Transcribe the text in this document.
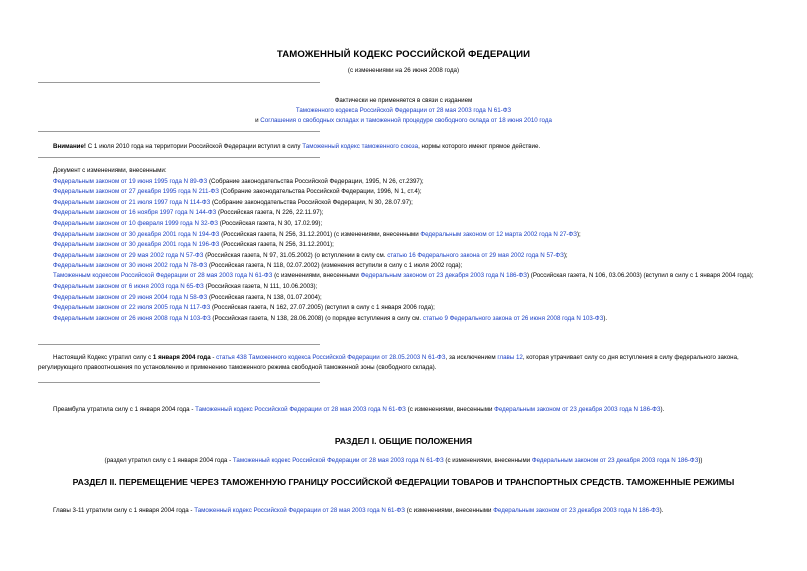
ТАМОЖЕННЫЙ КОДЕКС РОССИЙСКОЙ ФЕДЕРАЦИИ
(с изменениями на 26 июня 2008 года)
Фактически не применяется в связи с изданием
Таможенного кодекса Российской Федерации от 28 мая 2003 года N 61-ФЗ
и Соглашения о свободных складах и таможенной процедуре свободного склада от 18 июня 2010 года
Внимание! С 1 июля 2010 года на территории Российской Федерации вступил в силу Таможенный кодекс таможенного союза, нормы которого имеют прямое действие.
Документ с изменениями, внесенными:
Федеральным законом от 19 июня 1995 года N 89-ФЗ (Собрание законодательства Российской Федерации, 1995, N 26, ст.2397);
Федеральным законом от 27 декабря 1995 года N 211-ФЗ (Собрание законодательства Российской Федерации, 1996, N 1, ст.4);
Федеральным законом от 21 июля 1997 года N 114-ФЗ (Собрание законодательства Российской Федерации, N 30, 28.07.97);
Федеральным законом от 16 ноября 1997 года N 144-ФЗ (Российская газета, N 226, 22.11.97);
Федеральным законом от 10 февраля 1999 года N 32-ФЗ (Российская газета, N 30, 17.02.99);
Федеральным законом от 30 декабря 2001 года N 194-ФЗ (Российская газета, N 256, 31.12.2001) (с изменениями, внесенными Федеральным законом от 12 марта 2002 года N 27-ФЗ);
Федеральным законом от 30 декабря 2001 года N 196-ФЗ (Российская газета, N 256, 31.12.2001);
Федеральным законом от 29 мая 2002 года N 57-ФЗ (Российская газета, N 97, 31.05.2002) (о вступлении в силу см. статью 16 Федерального закона от 29 мая 2002 года N 57-ФЗ);
Федеральным законом от 30 июня 2002 года N 78-ФЗ (Российская газета, N 118, 02.07.2002) (изменения вступили в силу с 1 июля 2002 года);
Таможенным кодексом Российской Федерации от 28 мая 2003 года N 61-ФЗ (с изменениями, внесенными Федеральным законом от 23 декабря 2003 года N 186-ФЗ) (Российская газета, N 106, 03.06.2003) (вступил в силу с 1 января 2004 года);
Федеральным законом от 6 июня 2003 года N 65-ФЗ (Российская газета, N 111, 10.06.2003);
Федеральным законом от 29 июня 2004 года N 58-ФЗ (Российская газета, N 138, 01.07.2004);
Федеральным законом от 22 июля 2005 года N 117-ФЗ (Российская газета, N 162, 27.07.2005) (вступил в силу с 1 января 2006 года);
Федеральным законом от 26 июня 2008 года N 103-ФЗ (Российская газета, N 138, 28.06.2008) (о порядке вступления в силу см. статью 9 Федерального закона от 26 июня 2008 года N 103-ФЗ).
Настоящий Кодекс утратил силу с 1 января 2004 года - статья 438 Таможенного кодекса Российской Федерации от 28.05.2003 N 61-ФЗ, за исключением главы 12, которая утрачивает силу со дня вступления в силу федерального закона, регулирующего правоотношения по установлению и применению таможенного режима свободной таможенной зоны (свободного склада).
Преамбула утратила силу с 1 января 2004 года - Таможенный кодекс Российской Федерации от 28 мая 2003 года N 61-ФЗ (с изменениями, внесенными Федеральным законом от 23 декабря 2003 года N 186-ФЗ).
РАЗДЕЛ I. ОБЩИЕ ПОЛОЖЕНИЯ
(раздел утратил силу с 1 января 2004 года - Таможенный кодекс Российской Федерации от 28 мая 2003 года N 61-ФЗ (с изменениями, внесенными Федеральным законом от 23 декабря 2003 года N 186-ФЗ))
РАЗДЕЛ II. ПЕРЕМЕЩЕНИЕ ЧЕРЕЗ ТАМОЖЕННУЮ ГРАНИЦУ РОССИЙСКОЙ ФЕДЕРАЦИИ ТОВАРОВ И ТРАНСПОРТНЫХ СРЕДСТВ. ТАМОЖЕННЫЕ РЕЖИМЫ
Главы 3-11 утратили силу с 1 января 2004 года - Таможенный кодекс Российской Федерации от 28 мая 2003 года N 61-ФЗ (с изменениями, внесенными Федеральным законом от 23 декабря 2003 года N 186-ФЗ).
